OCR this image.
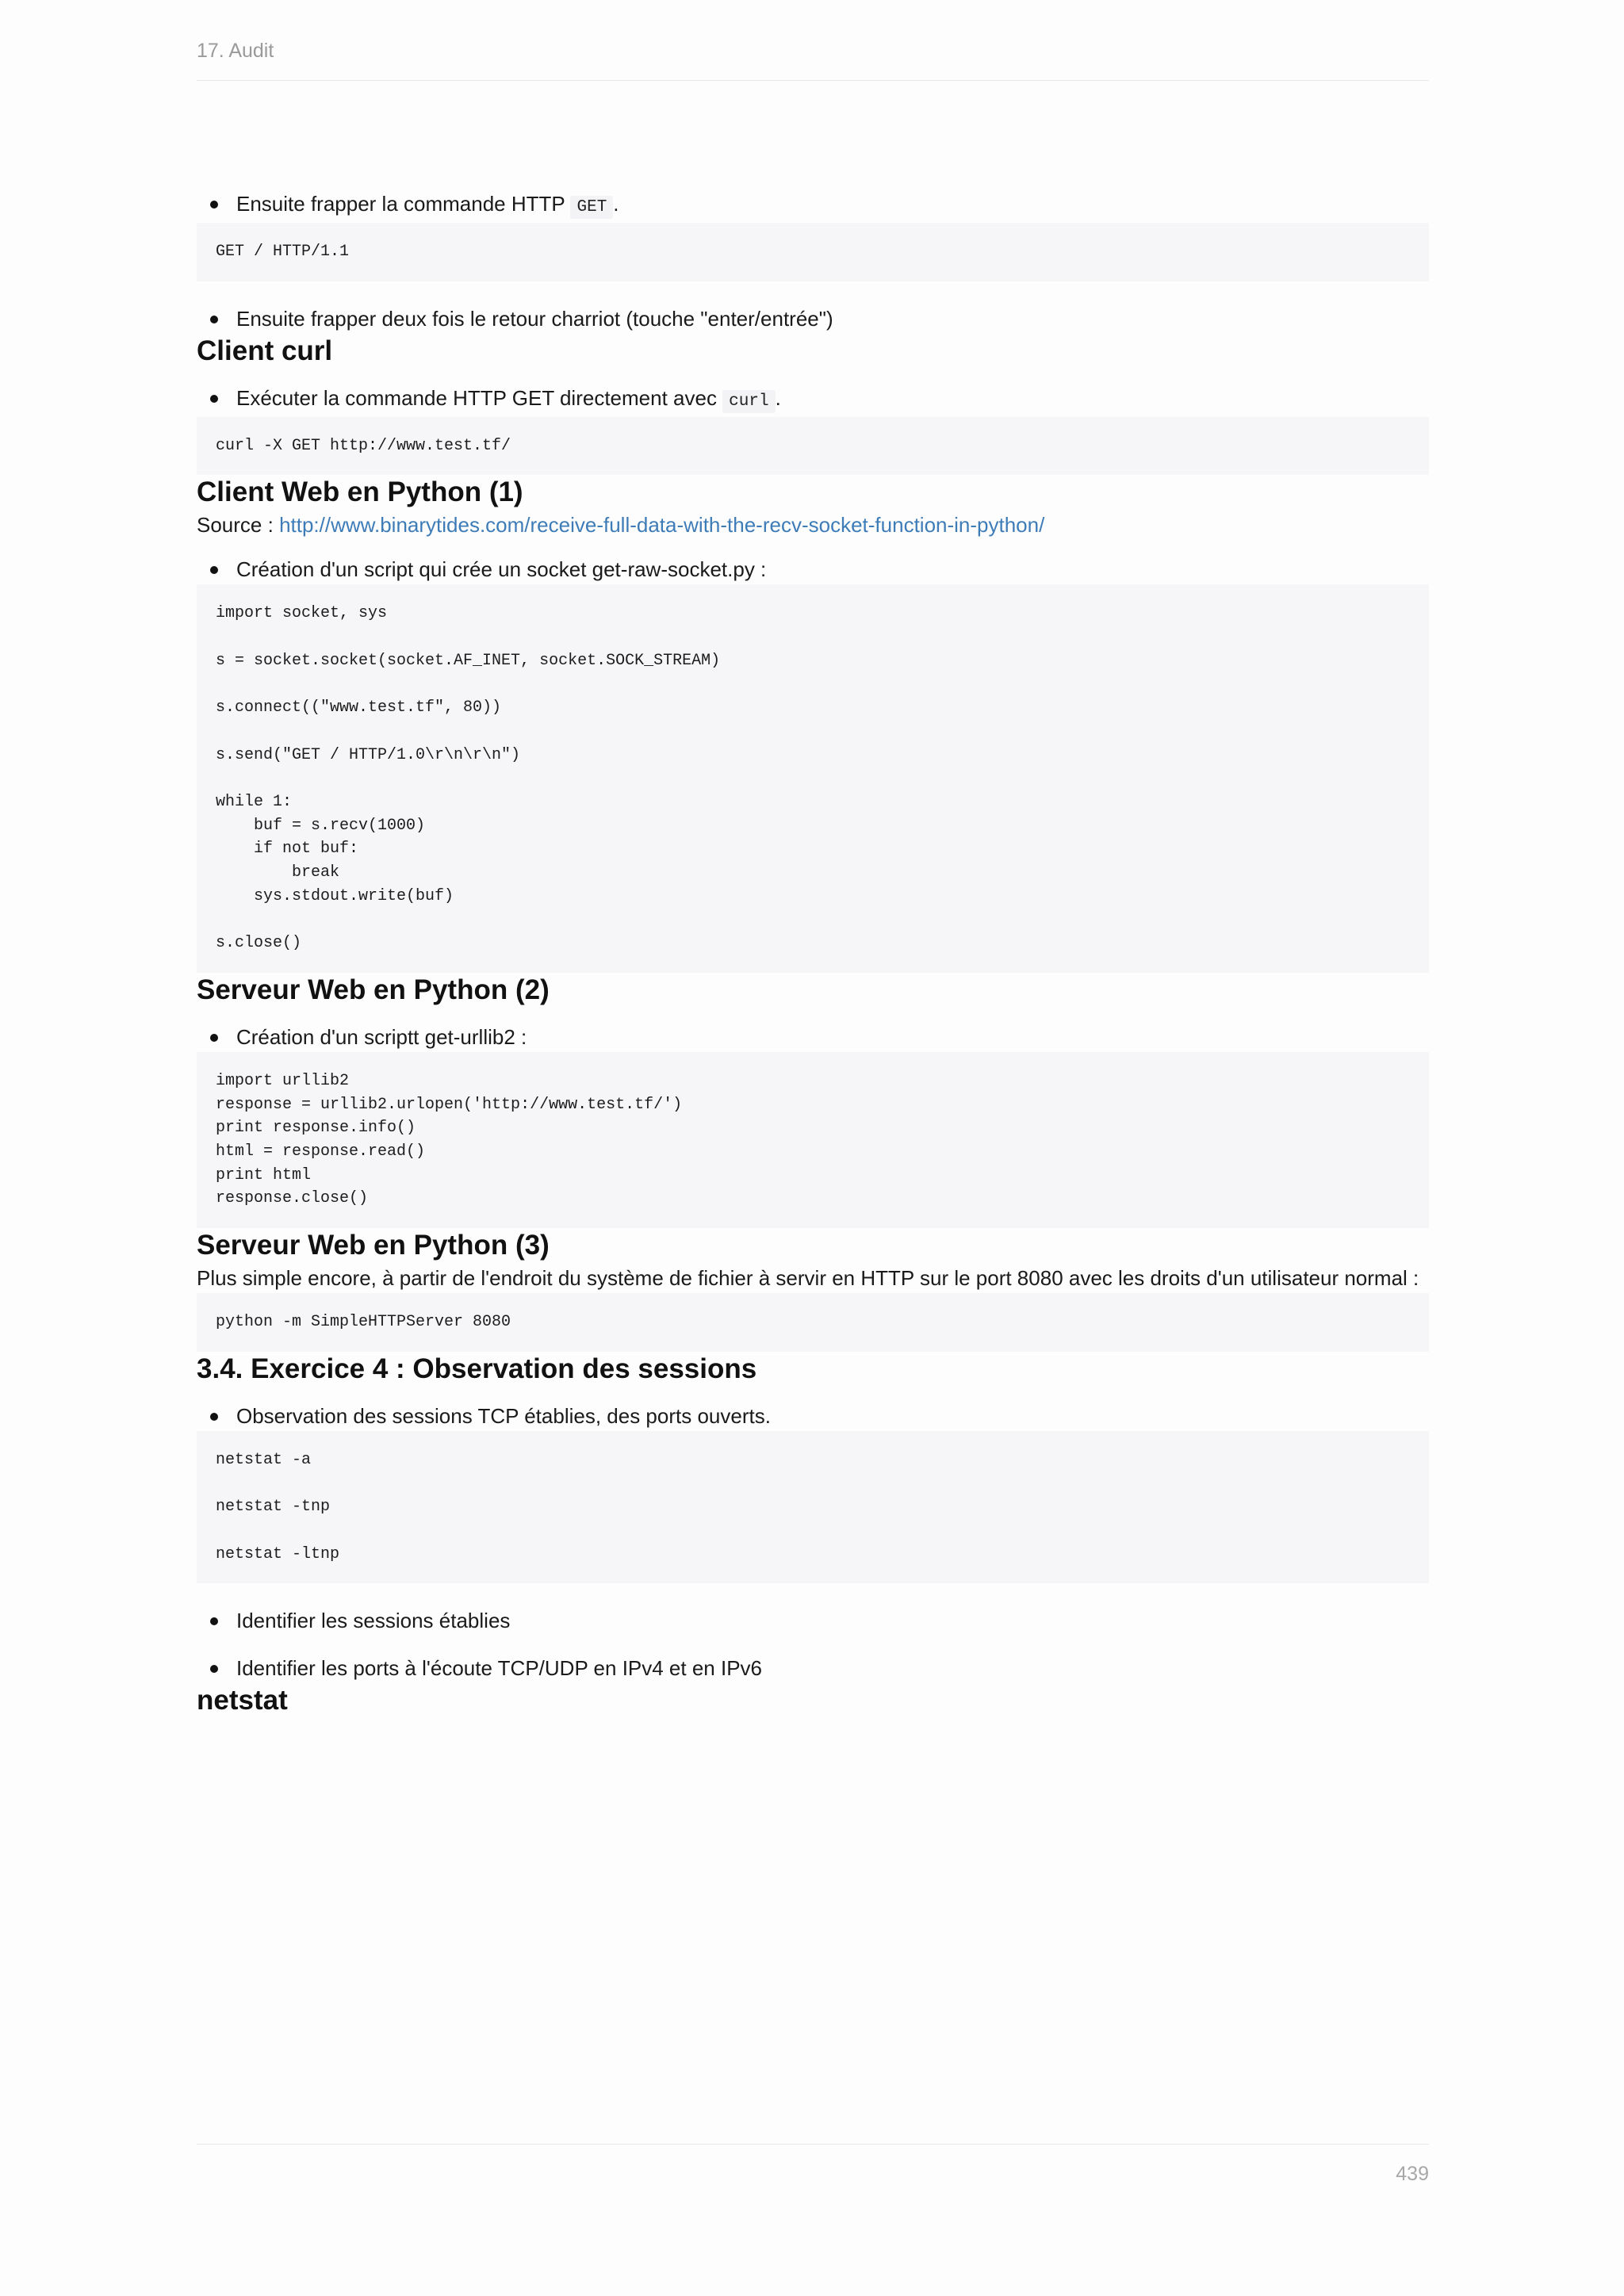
17. Audit
Ensuite frapper la commande HTTP GET .
GET / HTTP/1.1
Ensuite frapper deux fois le retour charriot (touche "enter/entrée")
Client curl
Exécuter la commande HTTP GET directement avec curl .
curl -X GET http://www.test.tf/
Client Web en Python (1)

Source : http://www.binarytides.com/receive-full-data-with-the-recv-socket-function-in-python/

Création d'un script qui crée un socket get-raw-socket.py :
import socket, sys

s = socket.socket(socket.AF_INET, socket.SOCK_STREAM)

s.connect(("www.test.tf", 80))

s.send("GET / HTTP/1.0\r\n\r\n")

while 1:
buf = s.recv(1000)
if not buf:
break
sys.stdout.write(buf)

s.close()
Serveur Web en Python (2)
Création d'un scriptt get-urllib2 :
import urllib2
response = urllib2.urlopen('http://www.test.tf/')
print response.info()
html = response.read()
print html
response.close()
Serveur Web en Python (3)

Plus simple encore, à partir de l'endroit du système de fichier à servir en HTTP sur le port 8080 avec les droits d'un utilisateur normal :

python -m SimpleHTTPServer 8080
3.4. Exercice 4 : Observation des sessions
Observation des sessions TCP établies, des ports ouverts.
netstat -a

netstat -tnp

netstat -ltnp
Identifier les sessions établies
Identifier les ports à l'écoute TCP/UDP en IPv4 et en IPv6
netstat
439
